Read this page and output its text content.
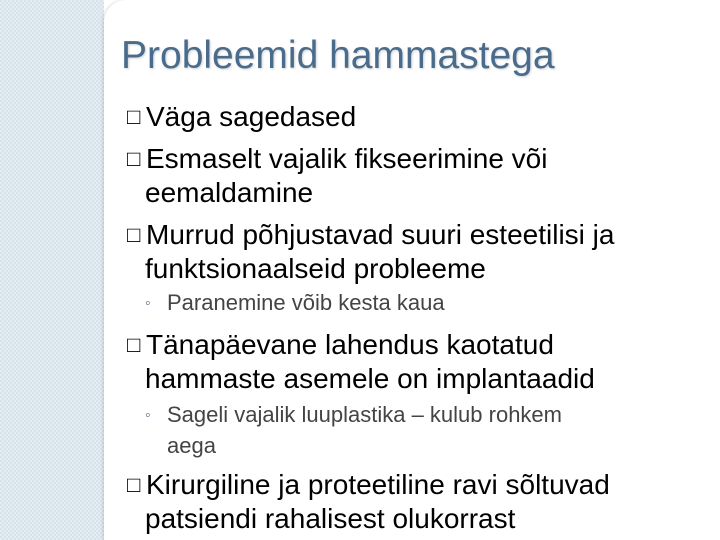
Probleemid hammastega
□ Väga sagedased
□ Esmaselt vajalik fikseerimine või
eemaldamine
□ Murrud põhjustavad suuri esteetilisi ja
funktsionaalseid probleeme
◦ Paranemine võib kesta kaua
□ Tänapäevane lahendus kaotatud
hammaste asemele on implantaadid
◦ Sageli vajalik luuplastika – kulub rohkem
aega
□ Kirurgiline ja proteetiline ravi sõltuvad
patsiendi rahalisest olukorrast
